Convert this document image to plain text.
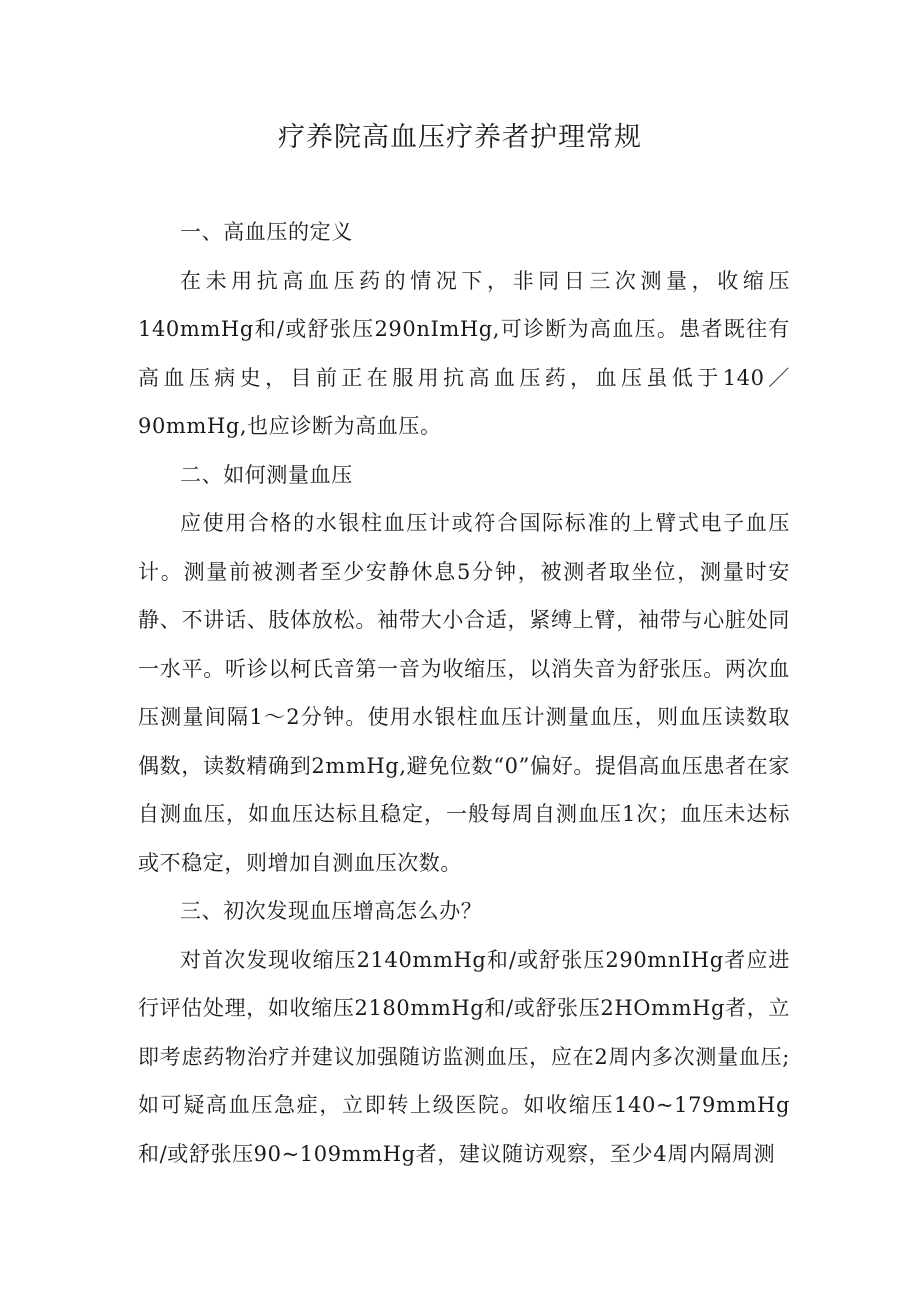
疗养院高血压疗养者护理常规

一、高血压的定义

在未用抗高血压药的情况下，非同日三次测量，收缩压140mmHg和/或舒张压290nImHg,可诊断为高血压。患者既往有高血压病史，目前正在服用抗高血压药，血压虽低于140／90mmHg,也应诊断为高血压。

二、如何测量血压

应使用合格的水银柱血压计或符合国际标准的上臂式电子血压计。测量前被测者至少安静休息5分钟，被测者取坐位，测量时安静、不讲话、肢体放松。袖带大小合适，紧缚上臂，袖带与心脏处同一水平。听诊以柯氏音第一音为收缩压，以消失音为舒张压。两次血压测量间隔1～2分钟。使用水银柱血压计测量血压，则血压读数取偶数，读数精确到2mmHg,避免位数“0”偏好。提倡高血压患者在家自测血压，如血压达标且稳定，一般每周自测血压1次；血压未达标或不稳定，则增加自测血压次数。

三、初次发现血压增高怎么办？

对首次发现收缩压2140mmHg和/或舒张压290mnIHg者应进行评估处理，如收缩压2180mmHg和/或舒张压2HOmmHg者，立即考虑药物治疗并建议加强随访监测血压，应在2周内多次测量血压;如可疑高血压急症，立即转上级医院。如收缩压140~179mmHg和/或舒张压90~109mmHg者，建议随访观察，至少4周内隔周测
